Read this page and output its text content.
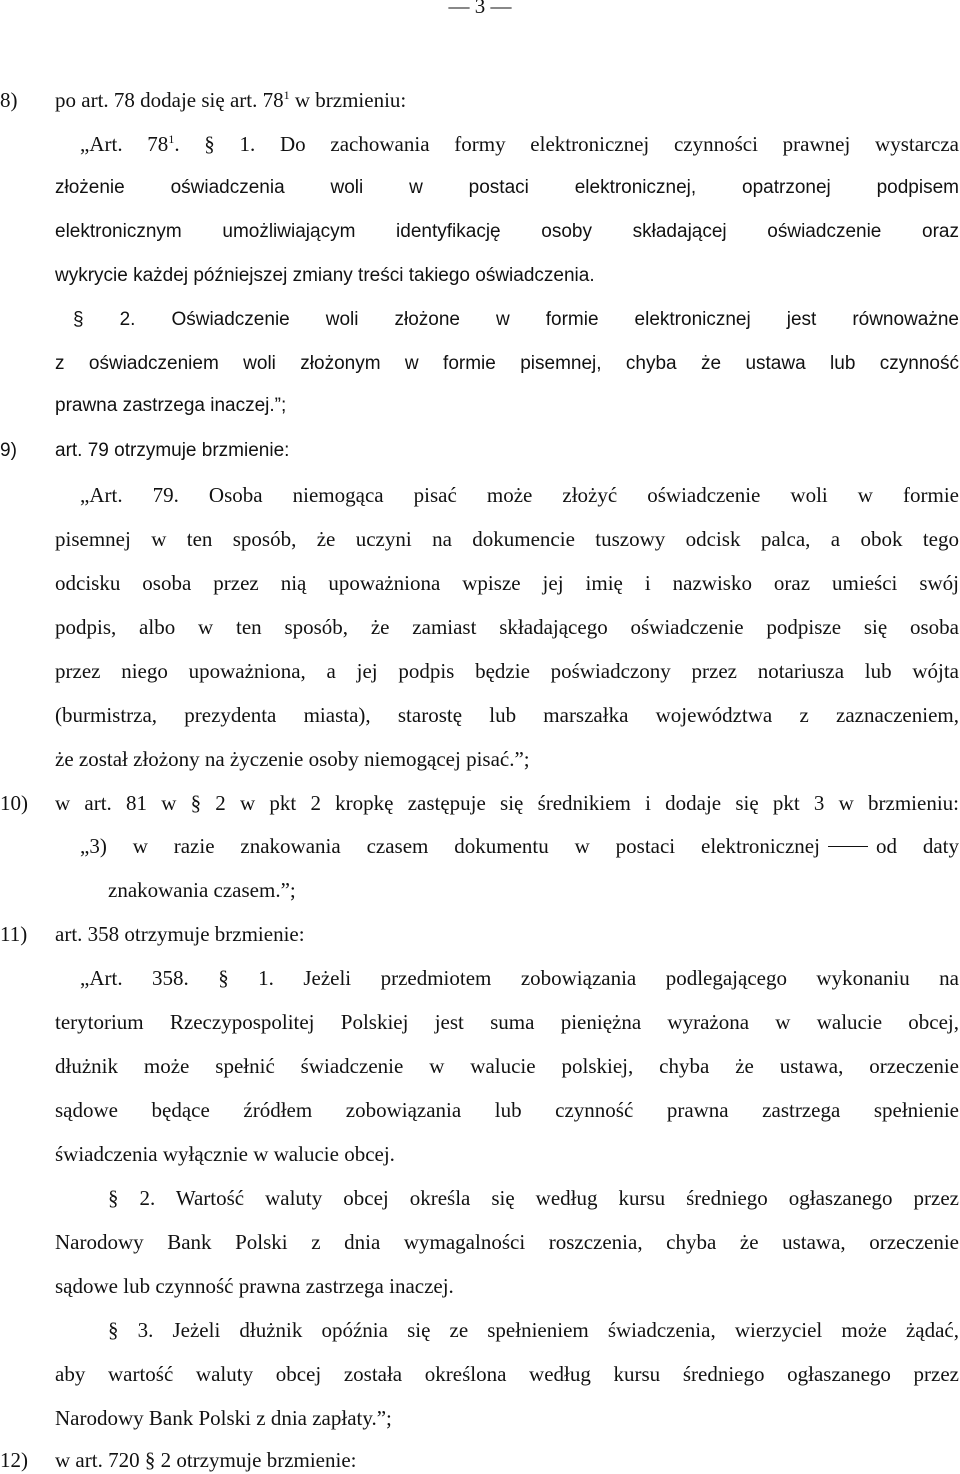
— 3 —
8) po art. 78 dodaje się art. $78^1$ w brzmieniu:
„Art. $78^1$. § 1. Do zachowania formy elektronicznej czynności prawnej wystarcza
złożenie oświadczenia woli w postaci elektronicznej, opatrzonej podpisem
elektronicznym umożliwiającym identyfikację osoby składającej oświadczenie oraz
wykrycie każdej późniejszej zmiany treści takiego oświadczenia.
§ 2. Oświadczenie woli złożone w formie elektronicznej jest równoważne
z oświadczeniem woli złożonym w formie pisemnej, chyba że ustawa lub czynność
prawna zastrzega inaczej.”;
9) art. 79 otrzymuje brzmienie:
„Art. 79. Osoba niemogąca pisać może złożyć oświadczenie woli w formie
pisemnej w ten sposób, że uczyni na dokumencie tuszowy odcisk palca, a obok tego
odcisku osoba przez nią upoważniona wpisze jej imię i nazwisko oraz umieści swój
podpis, albo w ten sposób, że zamiast składającego oświadczenie podpisze się osoba
przez niego upoważniona, a jej podpis będzie poświadczony przez notariusza lub wójta
(burmistrza, prezydenta miasta), starostę lub marszałka województwa z zaznaczeniem,
że został złożony na życzenie osoby niemogącej pisać.”;
10) w art. 81 w § 2 w pkt 2 kropkę zastępuje się średnikiem i dodaje się pkt 3 w brzmieniu:
„3) w razie znakowania czasem dokumentu w postaci elektronicznej	od daty
znakowania czasem.”;
11) art. 358 otrzymuje brzmienie:
„Art. 358. § 1. Jeżeli przedmiotem zobowiązania podlegającego wykonaniu na
terytorium Rzeczypospolitej Polskiej jest suma pieniężna wyrażona w walucie obcej,
dłużnik może spełnić świadczenie w walucie polskiej, chyba że ustawa, orzeczenie
sądowe będące źródłem zobowiązania lub czynność prawna zastrzega spełnienie
świadczenia wyłącznie w walucie obcej.
§ 2. Wartość waluty obcej określa się według kursu średniego ogłaszanego przez
Narodowy Bank Polski z dnia wymagalności roszczenia, chyba że ustawa, orzeczenie
sądowe lub czynność prawna zastrzega inaczej.
§ 3. Jeżeli dłużnik opóźnia się ze spełnieniem świadczenia, wierzyciel może żądać,
aby wartość waluty obcej została określona według kursu średniego ogłaszanego przez
Narodowy Bank Polski z dnia zapłaty.”;
12) w art. 720 § 2 otrzymuje brzmienie:
